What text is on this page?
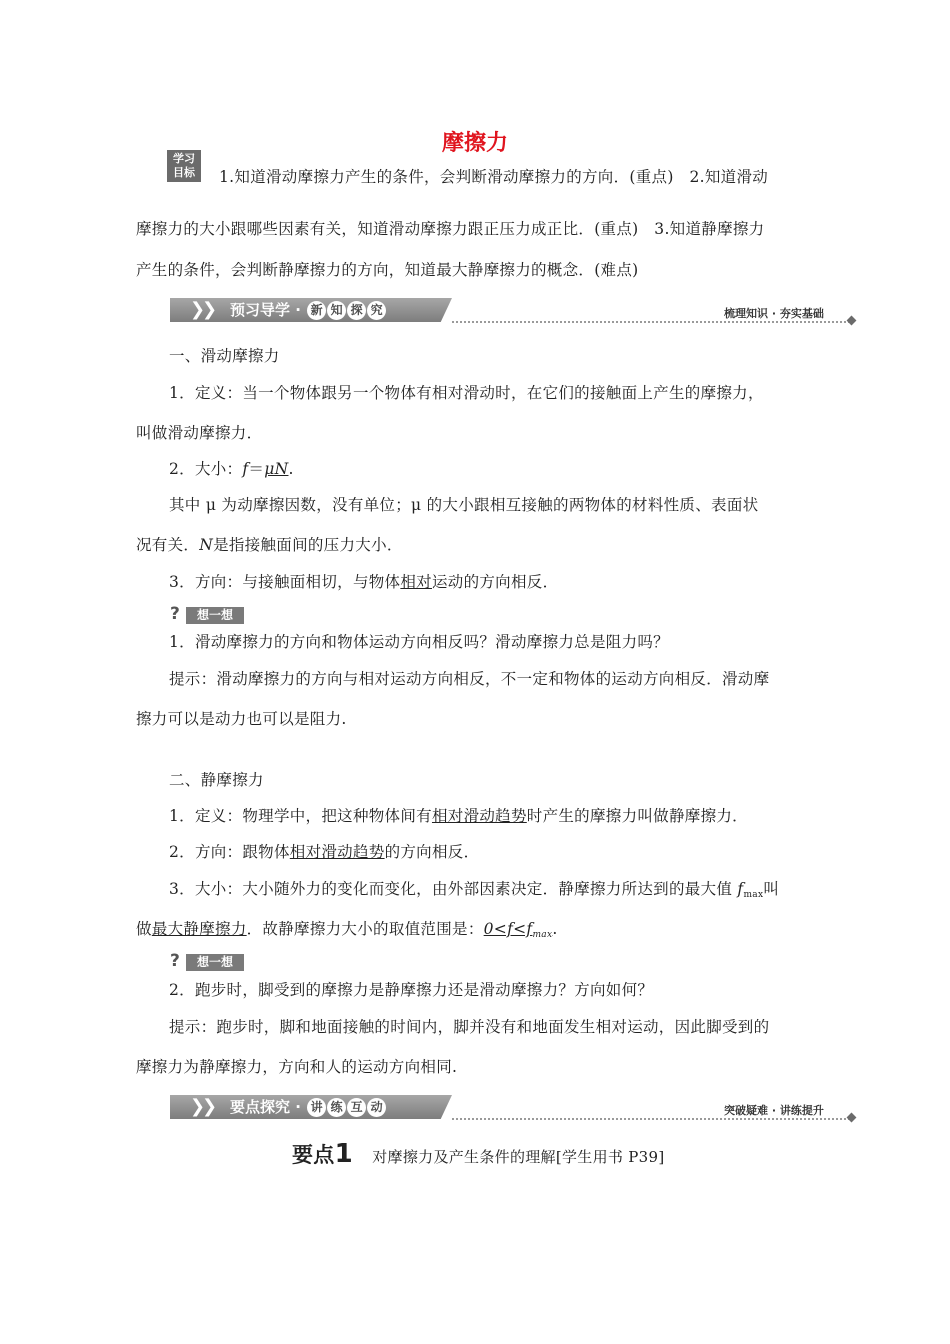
摩擦力
学习
目标	1.知道滑动摩擦力产生的条件，会判断滑动摩擦力的方向．(重点)　2.知道滑动
摩擦力的大小跟哪些因素有关，知道滑动摩擦力跟正压力成正比．(重点)　3.知道静摩擦力
产生的条件，会判断静摩擦力的方向，知道最大静摩擦力的概念．(难点)
❯
❯ 预习导学 · 新 知 探 究	梳理知识 · 夯实基础
一、滑动摩擦力
1．定义：当一个物体跟另一个物体有相对滑动时，在它们的接触面上产生的摩擦力，
叫做滑动摩擦力．
2．大小：f＝μN.
其中 μ 为动摩擦因数，没有单位；μ 的大小跟相互接触的两物体的材料性质、表面状
况有关．N是指接触面间的压力大小．
3．方向：与接触面相切，与物体相对运动的方向相反．
?	想一想
1．滑动摩擦力的方向和物体运动方向相反吗？滑动摩擦力总是阻力吗？
提示：滑动摩擦力的方向与相对运动方向相反，不一定和物体的运动方向相反．滑动摩
擦力可以是动力也可以是阻力.
二、静摩擦力
1．定义：物理学中，把这种物体间有相对滑动趋势时产生的摩擦力叫做静摩擦力．
2．方向：跟物体相对滑动趋势的方向相反．
3．大小：大小随外力的变化而变化，由外部因素决定．静摩擦力所达到的最大值 $f_{max}$叫
做最大静摩擦力．故静摩擦力大小的取值范围是：$0<f<f_{max}$.
?	想一想
2．跑步时，脚受到的摩擦力是静摩擦力还是滑动摩擦力？方向如何？
提示：跑步时，脚和地面接触的时间内，脚并没有和地面发生相对运动，因此脚受到的
摩擦力为静摩擦力，方向和人的运动方向相同.
❯
❯ 要点探究 · 讲 练 互 动	突破疑难 · 讲练提升
要点1 对摩擦力及产生条件的理解[学生用书 P39]
